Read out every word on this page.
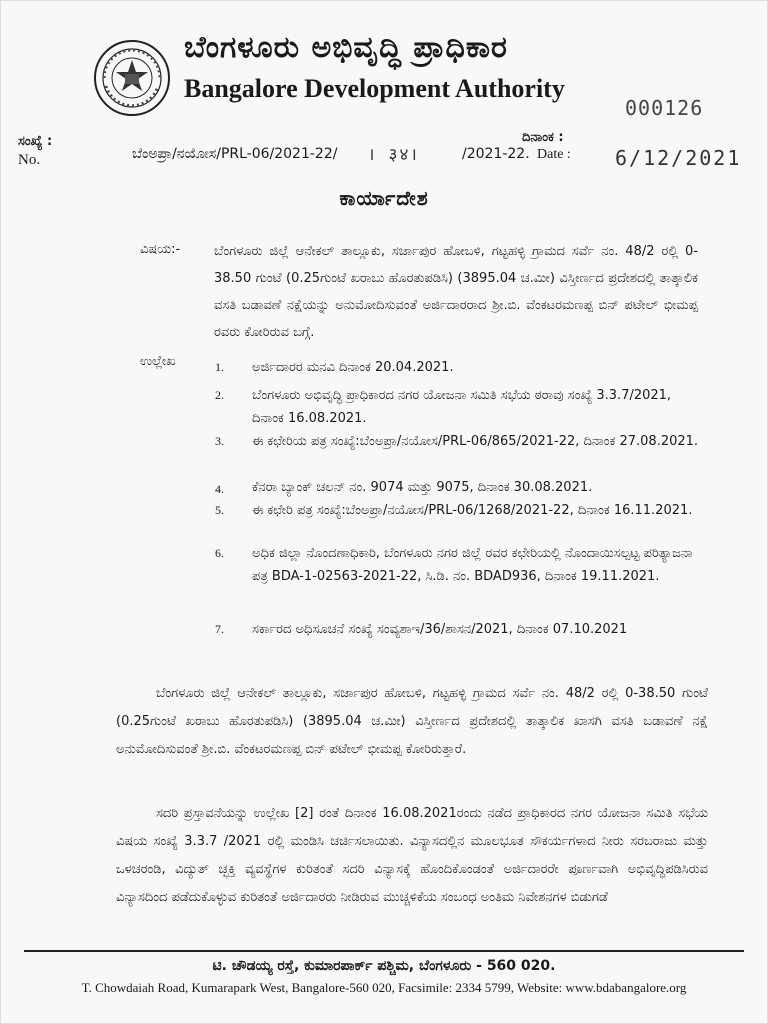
ಬೆಂಗಳೂರು ಅಭಿವೃದ್ಧಿ ಪ್ರಾಧಿಕಾರ
Bangalore Development Authority
000126
ಸಂಖ್ಯೆ :
No.	ಬೆಂಅಪ್ರಾ/ನಯೋಸ/PRL-06/2021-22/ । ३४।	/2021-22.
ದಿನಾಂಕ :
Date : 6/12/2021
ಕಾರ್ಯಾದೇಶ
ವಿಷಯ:-	ಬೆಂಗಳೂರು ಜಿಲ್ಲೆ ಆನೇಕಲ್ ತಾಲ್ಲೂಕು, ಸರ್ಜಾಪುರ ಹೋಬಳಿ, ಗಟ್ಟಹಳ್ಳಿ ಗ್ರಾಮದ ಸರ್ವೆ ನಂ. 48/2 ರಲ್ಲಿ 0-38.50 ಗುಂಟೆ (0.25ಗುಂಟೆ ಖರಾಬು ಹೊರತುಪಡಿಸಿ) (3895.04 ಚ.ಮೀ) ವಿಸ್ತೀರ್ಣದ ಪ್ರದೇಶದಲ್ಲಿ ತಾತ್ಕಾಲಿಕ ವಸತಿ ಬಡಾವಣೆ ನಕ್ಷೆಯನ್ನು ಅನುಮೋದಿಸುವಂತೆ ಅರ್ಜಿದಾರರಾದ ಶ್ರೀ.ಬಿ. ವೆಂಕಟರಮಣಪ್ಪ ಬಿನ್ ಪಟೇಲ್ ಭೀಮಪ್ಪ ರವರು ಕೋರಿರುವ ಬಗ್ಗೆ.
ಉಲ್ಲೇಖ	1. ಅರ್ಜಿದಾರರ ಮನವಿ ದಿನಾಂಕ 20.04.2021.
2. ಬೆಂಗಳೂರು ಅಭಿವೃದ್ಧಿ ಪ್ರಾಧಿಕಾರದ ನಗರ ಯೋಜನಾ ಸಮಿತಿ ಸಭೆಯ ಠರಾವು ಸಂಖ್ಯೆ 3.3.7/2021, ದಿನಾಂಕ 16.08.2021.
3. ಈ ಕಛೇರಿಯ ಪತ್ರ ಸಂಖ್ಯೆ:ಬೆಂಅಪ್ರಾ/ನಯೋಸ/PRL-06/865/2021-22, ದಿನಾಂಕ 27.08.2021.
4. ಕೆನರಾ ಬ್ಯಾಂಕ್ ಚಲನ್ ನಂ. 9074 ಮತ್ತು 9075, ದಿನಾಂಕ 30.08.2021.
5. ಈ ಕಛೇರಿ ಪತ್ರ ಸಂಖ್ಯೆ:ಬೆಂಅಪ್ರಾ/ನಯೋಸ/PRL-06/1268/2021-22, ದಿನಾಂಕ 16.11.2021.
6. ಅಧಿಕ ಜಿಲ್ಲಾ ನೊಂದಣಾಧಿಕಾರಿ, ಬೆಂಗಳೂರು ನಗರ ಜಿಲ್ಲೆ ರವರ ಕಛೇರಿಯಲ್ಲಿ ನೊಂದಾಯಿಸಲ್ಪಟ್ಟ ಪರಿತ್ಯಾಜನಾ ಪತ್ರ BDA-1-02563-2021-22, ಸಿ.ಡಿ. ನಂ. BDAD936, ದಿನಾಂಕ 19.11.2021.
7. ಸರ್ಕಾರದ ಅಧಿಸೂಚನೆ ಸಂಖ್ಯೆ ಸಂವ್ಯಶಾಇ/36/ಶಾಸನ/2021, ದಿನಾಂಕ 07.10.2021
ಬೆಂಗಳೂರು ಜಿಲ್ಲೆ ಆನೇಕಲ್ ತಾಲ್ಲೂಕು, ಸರ್ಜಾಪುರ ಹೋಬಳಿ, ಗಟ್ಟಹಳ್ಳಿ ಗ್ರಾಮದ ಸರ್ವೆ ನಂ. 48/2 ರಲ್ಲಿ 0-38.50 ಗುಂಟೆ (0.25ಗುಂಟೆ ಖರಾಬು ಹೊರತುಪಡಿಸಿ) (3895.04 ಚ.ಮೀ) ವಿಸ್ತೀರ್ಣದ ಪ್ರದೇಶದಲ್ಲಿ ತಾತ್ಕಾಲಿಕ ಖಾಸಗಿ ವಸತಿ ಬಡಾವಣೆ ನಕ್ಷೆ ಅನುಮೋದಿಸುವಂತೆ ಶ್ರೀ.ಬಿ. ವೆಂಕಟರಮಣಪ್ಪ ಬಿನ್ ಪಟೇಲ್ ಭೀಮಪ್ಪ ಕೋರಿರುತ್ತಾರೆ.
ಸದರಿ ಪ್ರಸ್ತಾವನೆಯನ್ನು ಉಲ್ಲೇಖ [2] ರಂತೆ ದಿನಾಂಕ 16.08.2021ರಂದು ನಡೆದ ಪ್ರಾಧಿಕಾರದ ನಗರ ಯೋಜನಾ ಸಮಿತಿ ಸಭೆಯ ವಿಷಯ ಸಂಖ್ಯೆ 3.3.7 /2021 ರಲ್ಲಿ ಮಂಡಿಸಿ ಚರ್ಚಿಸಲಾಯಿತು. ವಿನ್ಯಾಸದಲ್ಲಿನ ಮೂಲಭೂತ ಸೌಕರ್ಯಗಳಾದ ನೀರು ಸರಬರಾಜು ಮತ್ತು ಒಳಚರಂಡಿ, ವಿದ್ಯುತ್ ಚ್ಛಕ್ತಿ ವ್ಯವಸ್ಥೆಗಳ ಕುರಿತಂತೆ ಸದರಿ ವಿನ್ಯಾಸಕ್ಕೆ ಹೊಂದಿಕೊಂಡಂತೆ ಅರ್ಜಿದಾರರೇ ಪೂರ್ಣವಾಗಿ ಅಭಿವೃದ್ಧಿಪಡಿಸಿರುವ ವಿನ್ಯಾಸದಿಂದ ಪಡೆದುಕೊಳ್ಳುವ ಕುರಿತಂತೆ ಅರ್ಜಿದಾರರು ನೀಡಿರುವ ಮುಚ್ಚಳಿಕೆಯ ಸಂಬಂಧ ಅಂತಿಮ ನಿವೇಶನಗಳ ಬಿಡುಗಡೆ
ಟಿ. ಚೌಡಯ್ಯ ರಸ್ತೆ, ಕುಮಾರಪಾರ್ಕ್ ಪಶ್ಚಿಮ, ಬೆಂಗಳೂರು - 560 020.
T. Chowdaiah Road, Kumarapark West, Bangalore-560 020, Facsimile: 2334 5799, Website: www.bdabangalore.org
